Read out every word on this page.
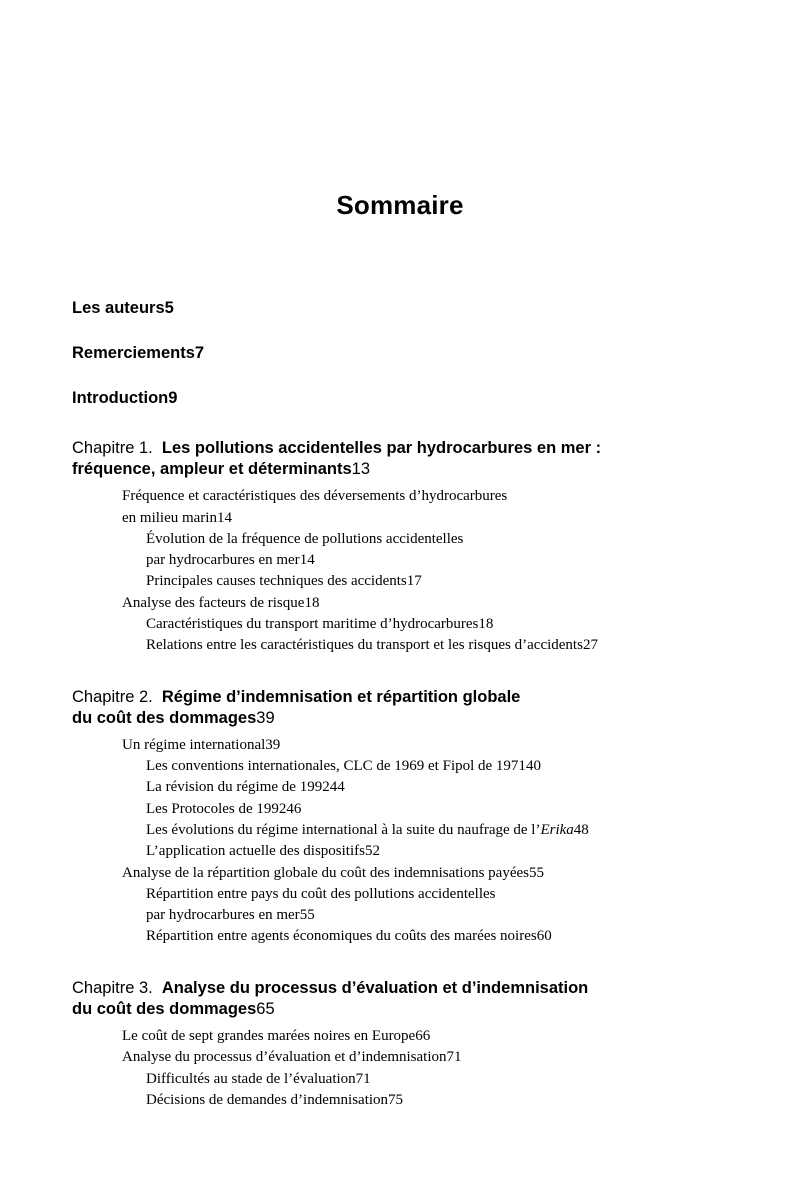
Sommaire
Les auteurs 5
Remerciements 7
Introduction 9
Chapitre 1.  Les pollutions accidentelles par hydrocarbures en mer :
fréquence, ampleur et déterminants 13
Fréquence et caractéristiques des déversements d’hydrocarbures
en milieu marin 14
Évolution de la fréquence de pollutions accidentelles
par hydrocarbures en mer 14
Principales causes techniques des accidents 17
Analyse des facteurs de risque 18
Caractéristiques du transport maritime d’hydrocarbures 18
Relations entre les caractéristiques du transport et les risques d’accidents 27
Chapitre 2.  Régime d’indemnisation et répartition globale
du coût des dommages 39
Un régime international 39
Les conventions internationales, CLC de 1969 et Fipol de 1971 40
La révision du régime de 1992 44
Les Protocoles de 1992 46
Les évolutions du régime international à la suite du naufrage de l’Erika 48
L’application actuelle des dispositifs 52
Analyse de la répartition globale du coût des indemnisations payées 55
Répartition entre pays du coût des pollutions accidentelles
par hydrocarbures en mer 55
Répartition entre agents économiques du coûts des marées noires 60
Chapitre 3.  Analyse du processus d’évaluation et d’indemnisation
du coût des dommages 65
Le coût de sept grandes marées noires en Europe 66
Analyse du processus d’évaluation et d’indemnisation 71
Difficultés au stade de l’évaluation 71
Décisions de demandes d’indemnisation 75
